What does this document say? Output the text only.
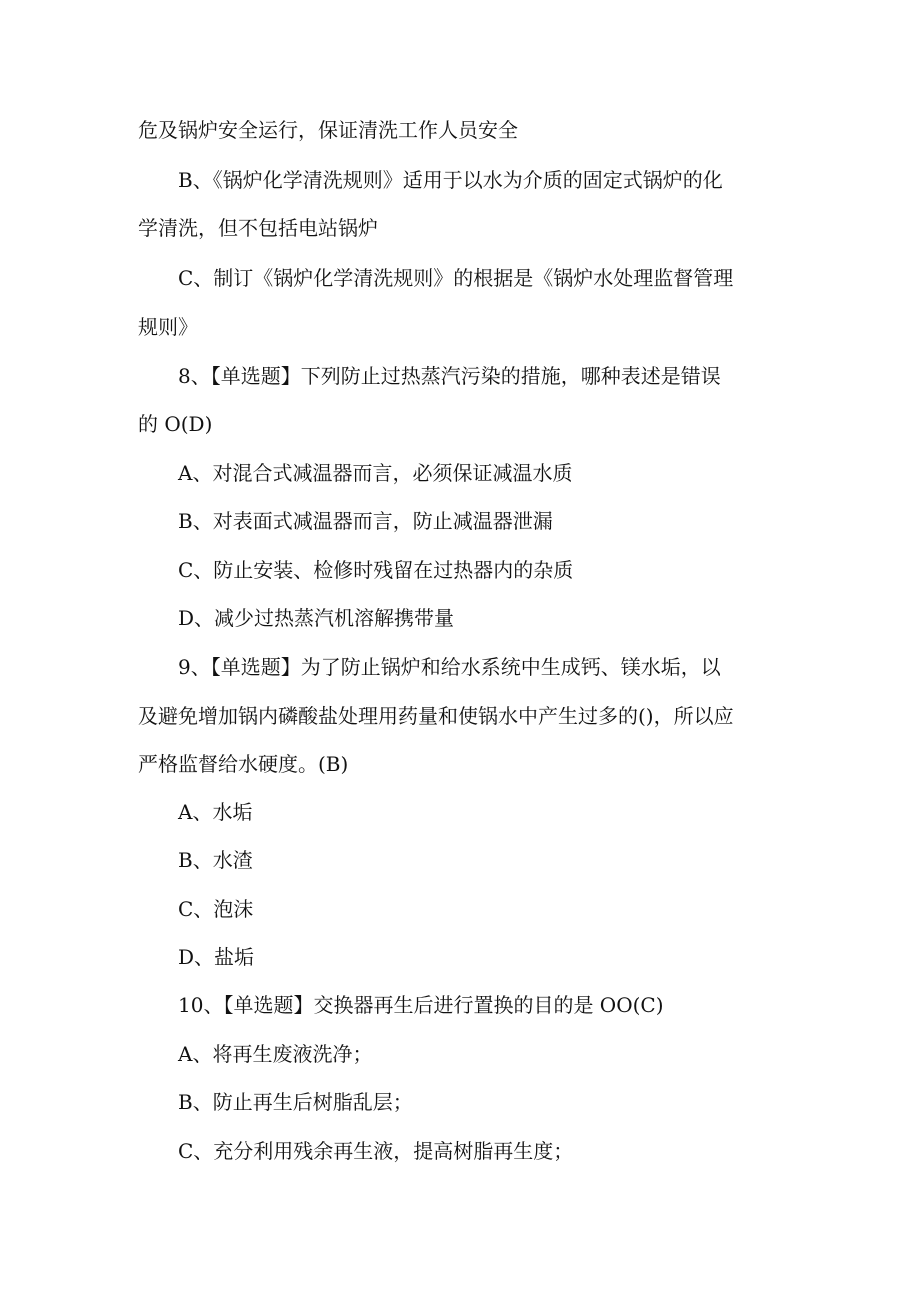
危及锅炉安全运行，保证清洗工作人员安全
B、《锅炉化学清洗规则》适用于以水为介质的固定式锅炉的化
学清洗，但不包括电站锅炉
C、制订《锅炉化学清洗规则》的根据是《锅炉水处理监督管理
规则》
8、【单选题】下列防止过热蒸汽污染的措施，哪种表述是错误
的 O(D)
A、对混合式减温器而言，必须保证减温水质
B、对表面式减温器而言，防止减温器泄漏
C、防止安装、检修时残留在过热器内的杂质
D、减少过热蒸汽机溶解携带量
9、【单选题】为了防止锅炉和给水系统中生成钙、镁水垢，以
及避免增加锅内磷酸盐处理用药量和使锅水中产生过多的()，所以应
严格监督给水硬度。(B)
A、水垢
B、水渣
C、泡沫
D、盐垢
10、【单选题】交换器再生后进行置换的目的是 OO(C)
A、将再生废液洗净；
B、防止再生后树脂乱层；
C、充分利用残余再生液，提高树脂再生度；
